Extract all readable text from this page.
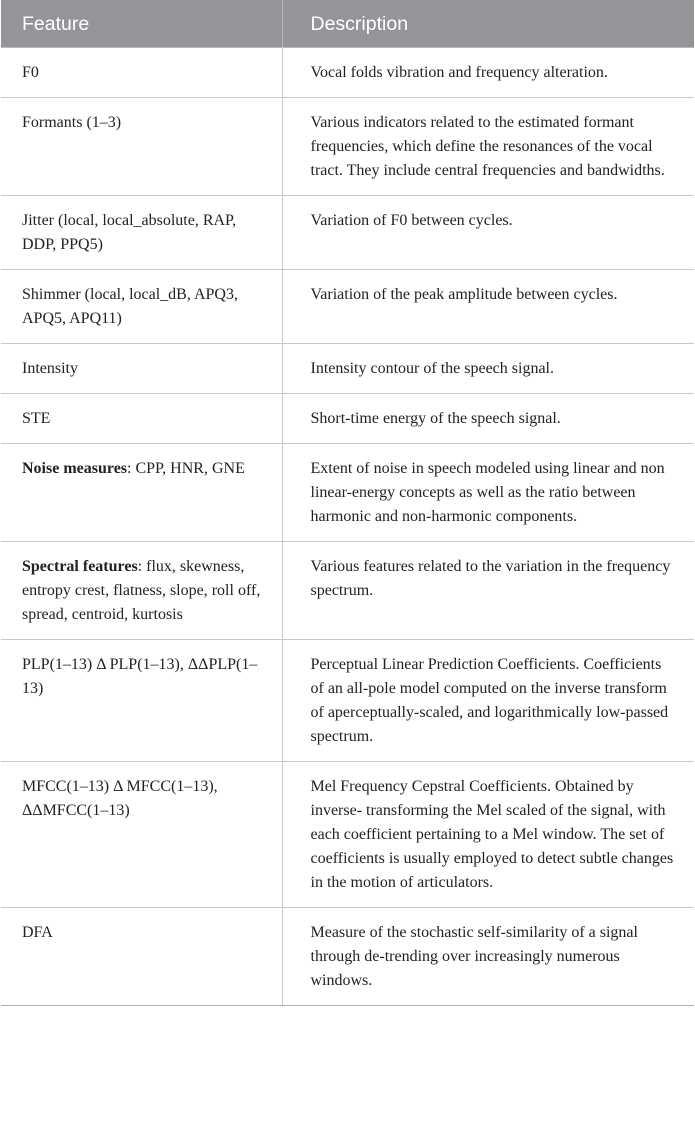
Feature	Description
F0	Vocal folds vibration and frequency alteration.
Formants (1–3)	Various indicators related to the estimated formant frequencies, which define the resonances of the vocal tract. They include central frequencies and bandwidths.
Jitter (local, local_absolute, RAP, DDP, PPQ5)	Variation of F0 between cycles.
Shimmer (local, local_dB, APQ3, APQ5, APQ11)	Variation of the peak amplitude between cycles.
Intensity	Intensity contour of the speech signal.
STE	Short-time energy of the speech signal.
Noise measures: CPP, HNR, GNE	Extent of noise in speech modeled using linear and non linear-energy concepts as well as the ratio between harmonic and non-harmonic components.
Spectral features: flux, skewness, entropy crest, flatness, slope, roll off, spread, centroid, kurtosis	Various features related to the variation in the frequency spectrum.
PLP(1–13) Δ PLP(1–13), ΔΔPLP(1–13)	Perceptual Linear Prediction Coefficients. Coefficients of an all-pole model computed on the inverse transform of aperceptually-scaled, and logarithmically low-passed spectrum.
MFCC(1–13) Δ MFCC(1–13), ΔΔMFCC(1–13)	Mel Frequency Cepstral Coefficients. Obtained by inverse- transforming the Mel scaled of the signal, with each coefficient pertaining to a Mel window. The set of coefficients is usually employed to detect subtle changes in the motion of articulators.
DFA	Measure of the stochastic self-similarity of a signal through de-trending over increasingly numerous windows.
